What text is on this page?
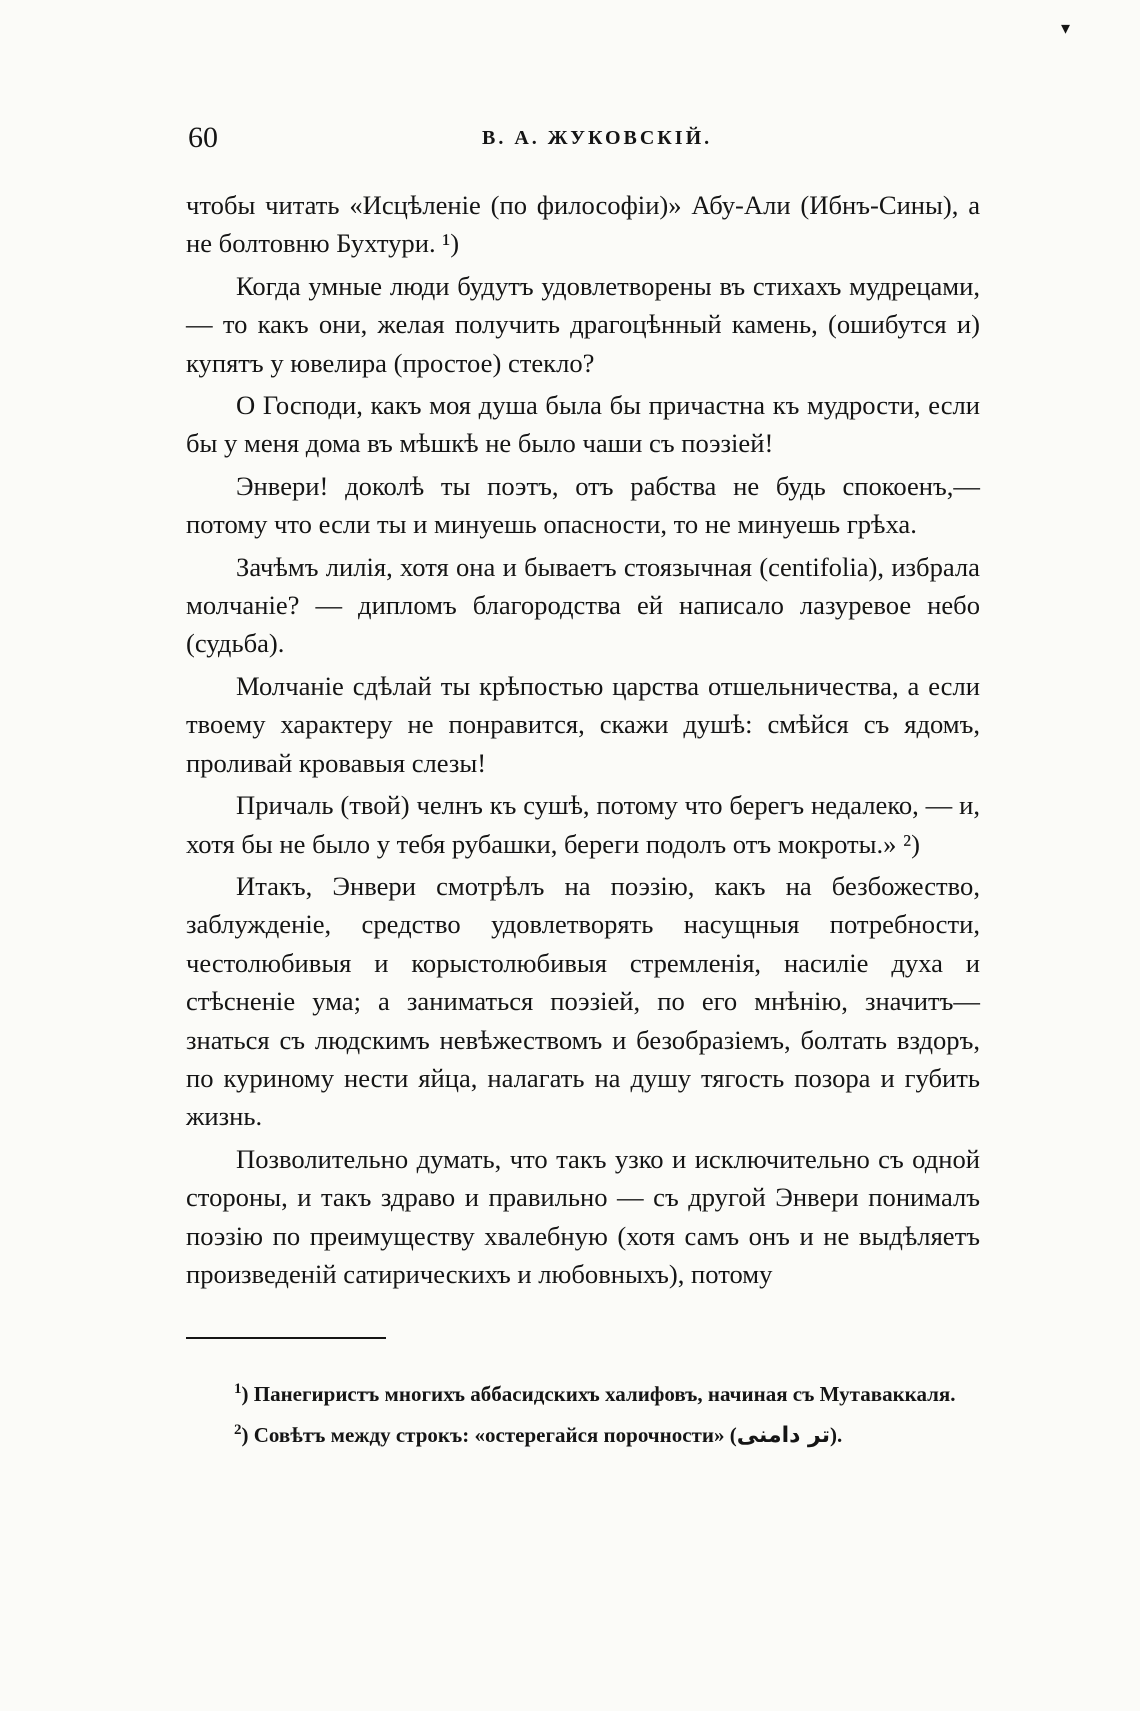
▾
60	В. А. ЖУКОВСКІЙ.

чтобы читать «Исцѣленіе (по философіи)» Абу-Али (Ибнъ-Сины), а не болтовню Бухтури. ¹)

Когда умные люди будутъ удовлетворены въ стихахъ мудрецами, — то какъ они, желая получить драгоцѣнный камень, (ошибутся и) купятъ у ювелира (простое) стекло?

О Господи, какъ моя душа была бы причастна къ мудрости, если бы у меня дома въ мѣшкѣ не было чаши съ поэзіей!

Энвери! доколѣ ты поэтъ, отъ рабства не будь спокоенъ,— потому что если ты и минуешь опасности, то не минуешь грѣха.

Зачѣмъ лилія, хотя она и бываетъ стоязычная (centifolia), избрала молчаніе? — дипломъ благородства ей написало лазуревое небо (судьба).

Молчаніе сдѣлай ты крѣпостью царства отшельничества, а если твоему характеру не понравится, скажи душѣ: смѣйся съ ядомъ, проливай кровавыя слезы!

Причаль (твой) челнъ къ сушѣ, потому что берегъ недалеко, — и, хотя бы не было у тебя рубашки, береги подолъ отъ мокроты.» ²)

Итакъ, Энвери смотрѣлъ на поэзію, какъ на безбожество, заблужденіе, средство удовлетворять насущныя потребности, честолюбивыя и корыстолюбивыя стремленія, насиліе духа и стѣсненіе ума; а заниматься поэзіей, по его мнѣнію, значитъ— знаться съ людскимъ невѣжествомъ и безобразіемъ, болтать вздоръ, по куриному нести яйца, налагать на душу тягость позора и губить жизнь.

Позволительно думать, что такъ узко и исключительно съ одной стороны, и такъ здраво и правильно — съ другой Энвери понималъ поэзію по преимуществу хвалебную (хотя самъ онъ и не выдѣляетъ произведеній сатирическихъ и любовныхъ), потому

$^1$) Панегиристъ многихъ аббасидскихъ халифовъ, начиная съ Мутаваккаля.

$^2$) Совѣтъ между строкъ: «остерегайся порочности» (تر دامنی).
